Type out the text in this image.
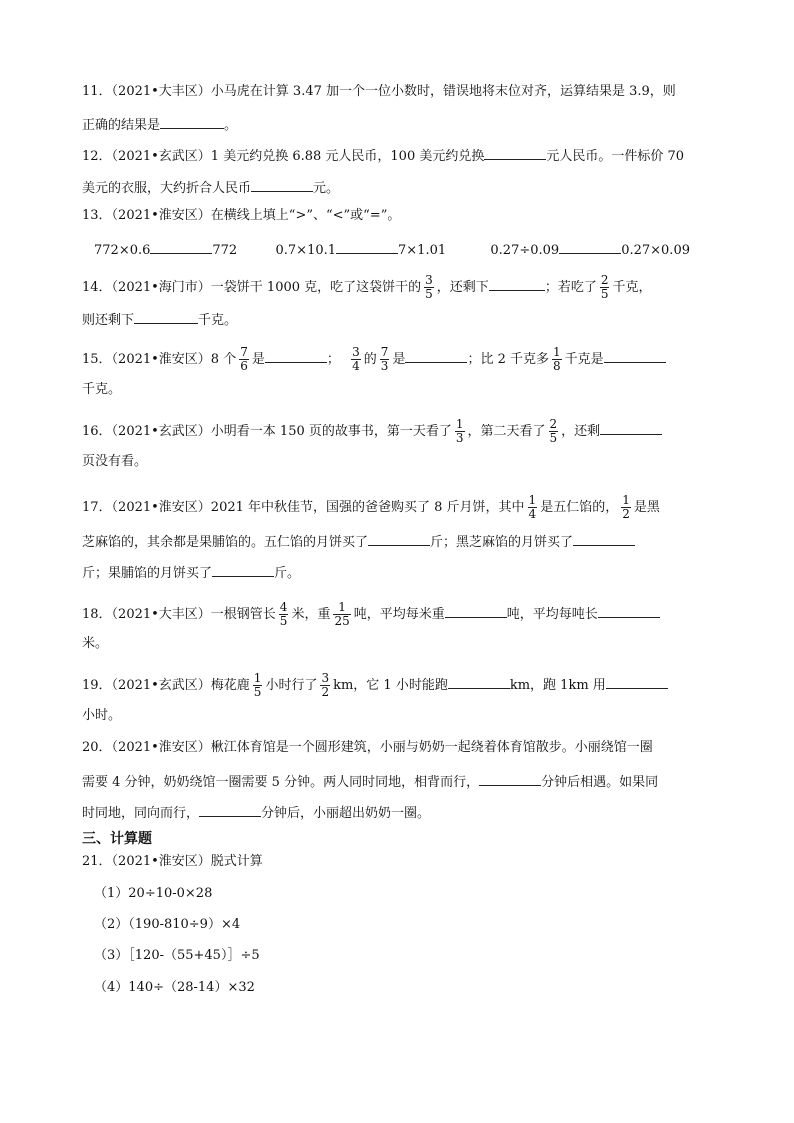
11．（2021•大丰区）小马虎在计算 3.47 加一个一位小数时，错误地将末位对齐，运算结果是 3.9，则
正确的结果是	。
12．（2021•玄武区）1 美元约兑换 6.88 元人民币，100 美元约兑换	元人民币。一件标价 70
美元的衣服，大约折合人民币	元。
13．（2021•淮安区）在横线上填上“>”、“<”或“=”。
772×0.6	772	0.7×10.1	7×1.01	0.27÷0.09	0.27×0.09
14．（2021•海门市）一袋饼干 1000 克，吃了这袋饼干的 $\frac{3}{5}$ ，还剩下	；若吃了 $\frac{2}{5}$ 千克，
则还剩下	千克。
15．（2021•淮安区）8 个 $\frac{7}{6}$ 是	； $\frac{3}{4}$ 的 $\frac{7}{3}$ 是	；比 2 千克多 $\frac{1}{8}$ 千克是
千克。
16．（2021•玄武区）小明看一本 150 页的故事书，第一天看了 $\frac{1}{3}$ ，第二天看了 $\frac{2}{5}$ ，还剩
页没有看。
17．（2021•淮安区）2021 年中秋佳节，国强的爸爸购买了 8 斤月饼，其中 $\frac{1}{4}$ 是五仁馅的， $\frac{1}{2}$ 是黑
芝麻馅的，其余都是果脯馅的。五仁馅的月饼买了	斤；黑芝麻馅的月饼买了
斤；果脯馅的月饼买了	斤。
18．（2021•大丰区）一根钢管长 $\frac{4}{5}$ 米，重 $\frac{1}{25}$ 吨，平均每米重	吨，平均每吨长
米。
19．（2021•玄武区）梅花鹿 $\frac{1}{5}$ 小时行了 $\frac{3}{2}$ km，它 1 小时能跑	km，跑 1km 用
小时。
20．（2021•淮安区）楸江体育馆是一个圆形建筑，小丽与奶奶一起绕着体育馆散步。小丽绕馆一圈
需要 4 分钟，奶奶绕馆一圈需要 5 分钟。两人同时同地，相背而行，	分钟后相遇。如果同
时同地，同向而行，	分钟后，小丽超出奶奶一圈。
三、计算题
21．（2021•淮安区）脱式计算
（1）20÷10-0×28
（2）（190-810÷9）×4
（3）［120-（55+45）］÷5
（4）140÷（28-14）×32
